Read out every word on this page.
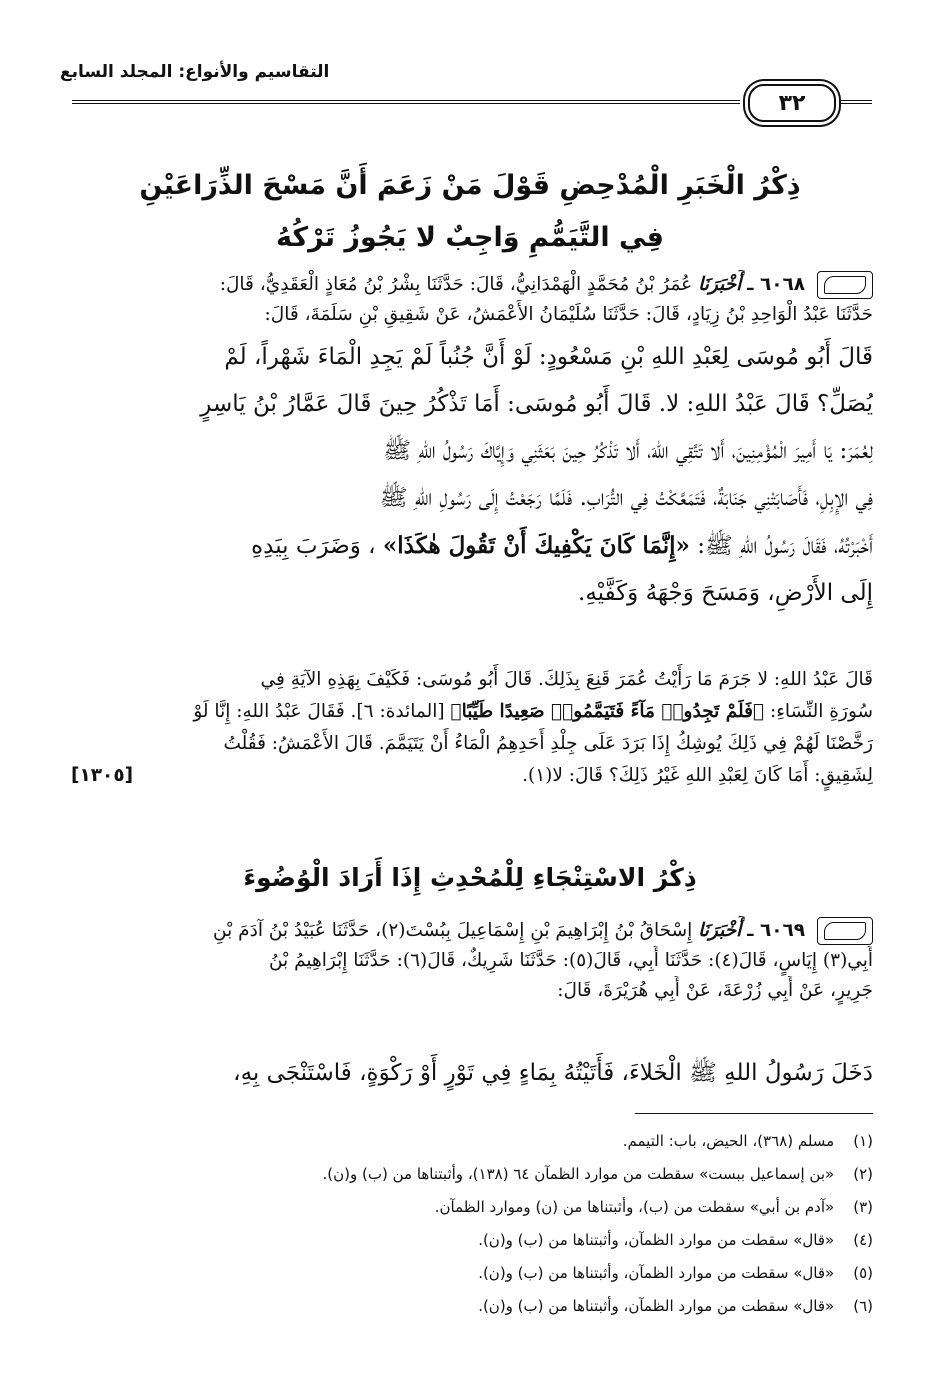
التقاسيم والأنواع: المجلد السابع
٣٢
ذِكْرُ الْخَبَرِ الْمُدْحِضِ قَوْلَ مَنْ زَعَمَ أَنَّ مَسْحَ الذِّرَاعَيْنِ
فِي التَّيَمُّمِ وَاجِبٌ لا يَجُوزُ تَرْكُهُ
٦٠٦٨ ـ أَخْبَرَنَا عُمَرُ بْنُ مُحَمَّدٍ الْهَمْدَانِيُّ، قَالَ: حَدَّثَنَا بِشْرُ بْنُ مُعَاذٍ الْعَقَدِيُّ، قَالَ:
حَدَّثَنَا عَبْدُ الْوَاحِدِ بْنُ زِيَادٍ، قَالَ: حَدَّثَنَا سُلَيْمَانُ الأَعْمَشُ، عَنْ شَقِيقِ بْنِ سَلَمَةَ، قَالَ:
قَالَ أَبُو مُوسَى لِعَبْدِ اللهِ بْنِ مَسْعُودٍ: لَوْ أَنَّ جُنُباً لَمْ يَجِدِ الْمَاءَ شَهْراً، لَمْ
يُصَلِّ؟ قَالَ عَبْدُ اللهِ: لا. قَالَ أَبُو مُوسَى: أَمَا تَذْكُرُ حِينَ قَالَ عَمَّارُ بْنُ يَاسِرٍ
لِعُمَرَ: يَا أَمِيرَ الْمُؤْمِنِينَ، أَلا تَتَّقِي اللهَ، أَلا تَذْكُرُ حِينَ بَعَثَنِي وَإِيَّاكَ رَسُولُ اللهِ ﷺ
فِي الإِبِلِ، فَأَصَابَتْنِي جَنَابَةٌ، فَتَمَعَّكْتُ فِي التُّرَابِ. فَلَمَّا رَجَعْتُ إِلَى رَسُولِ اللهِ ﷺ
أَخْبَرْتُهُ، فَقَالَ رَسُولُ اللهِ ﷺ: «إِنَّمَا كَانَ يَكْفِيكَ أَنْ تَقُولَ هٰكَذَا» ، وَضَرَبَ بِيَدِهِ
إِلَى الأَرْضِ، وَمَسَحَ وَجْهَهُ وَكَفَّيْهِ.
قَالَ عَبْدُ اللهِ: لا جَرَمَ مَا رَأَيْتُ عُمَرَ قَنِعَ بِذَلِكَ. قَالَ أَبُو مُوسَى: فَكَيْفَ بِهَذِهِ الآيَةِ فِي
سُورَةِ النِّسَاءِ: ﴿فَلَمْ تَجِدُوا۟ مَآءً فَتَيَمَّمُوا۟ صَعِيدًا طَيِّبًا﴾ [المائدة: ٦]. فَقَالَ عَبْدُ اللهِ: إِنَّا لَوْ
رَخَّصْنَا لَهُمْ فِي ذَلِكَ يُوشِكُ إِذَا بَرَدَ عَلَى جِلْدِ أَحَدِهِمُ الْمَاءُ أَنْ يَتَيَمَّمَ. قَالَ الأَعْمَشُ: فَقُلْتُ
لِشَقِيقٍ: أَمَا كَانَ لِعَبْدِ اللهِ غَيْرُ ذَلِكَ؟ قَالَ: لا(١).
[١٣٠٥]
ذِكْرُ الاسْتِنْجَاءِ لِلْمُحْدِثِ إِذَا أَرَادَ الْوُضُوءَ
٦٠٦٩ ـ أَخْبَرَنَا إِسْحَاقُ بْنُ إِبْرَاهِيمَ بْنِ إِسْمَاعِيلَ بِبُسْتَ(٢)، حَدَّثَنَا عُبَيْدُ بْنُ آدَمَ بْنِ
أَبِي(٣) إِيَاسٍ، قَالَ(٤): حَدَّثَنَا أَبِي، قَالَ(٥): حَدَّثَنَا شَرِيكٌ، قَالَ(٦): حَدَّثَنَا إِبْرَاهِيمُ بْنُ
جَرِيرٍ، عَنْ أَبِي زُرْعَةَ، عَنْ أَبِي هُرَيْرَةَ، قَالَ:
دَخَلَ رَسُولُ اللهِ ﷺ الْخَلاءَ، فَأَتَيْتُهُ بِمَاءٍ فِي تَوْرٍ أَوْ رَكْوَةٍ، فَاسْتَنْجَى بِهِ،
(١) مسلم (٣٦٨)، الحيض، باب: التيمم.
(٢) «بن إسماعيل ببست» سقطت من موارد الظمآن ٦٤ (١٣٨)، وأثبتناها من (ب) و(ن).
(٣) «آدم بن أبي» سقطت من (ب)، وأثبتناها من (ن) وموارد الظمآن.
(٤) «قال» سقطت من موارد الظمآن، وأثبتناها من (ب) و(ن).
(٥) «قال» سقطت من موارد الظمآن، وأثبتناها من (ب) و(ن).
(٦) «قال» سقطت من موارد الظمآن، وأثبتناها من (ب) و(ن).
